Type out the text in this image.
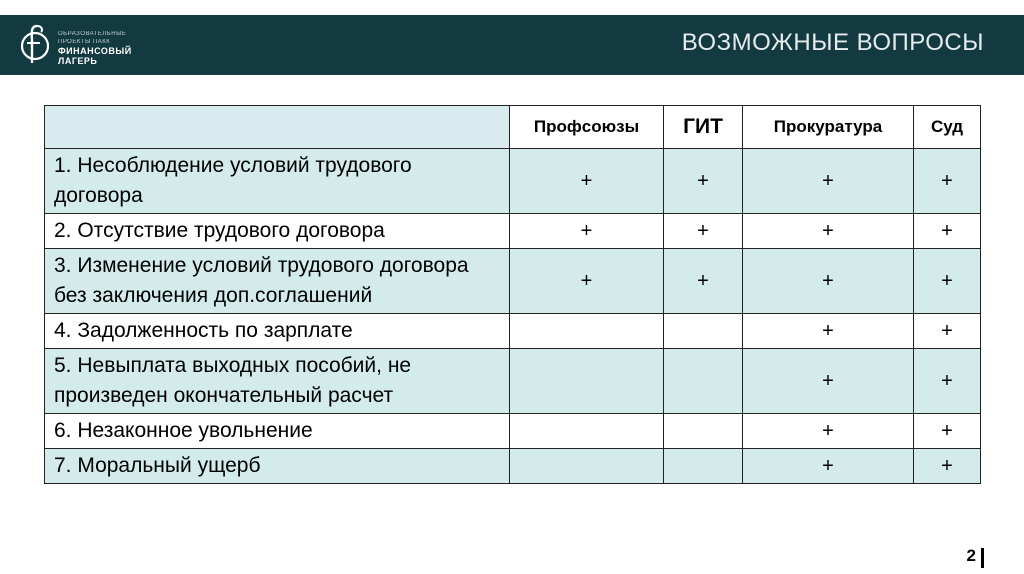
ОБРАЗОВАТЕЛЬНЫЕ
ПРОЕКТЫ ПАКК
ФИНАНСОВЫЙ
ЛАГЕРЬ
ВОЗМОЖНЫЕ ВОПРОСЫ
	Профсоюзы	ГИТ	Прокуратура	Суд
1. Несоблюдение условий трудового договора	+	+	+	+
2. Отсутствие трудового договора	+	+	+	+
3. Изменение условий трудового договора без заключения доп.соглашений	+	+	+	+
4. Задолженность по зарплате			+	+
5. Невыплата выходных пособий, не произведен окончательный расчет			+	+
6. Незаконное увольнение			+	+
7. Моральный ущерб			+	+
2
